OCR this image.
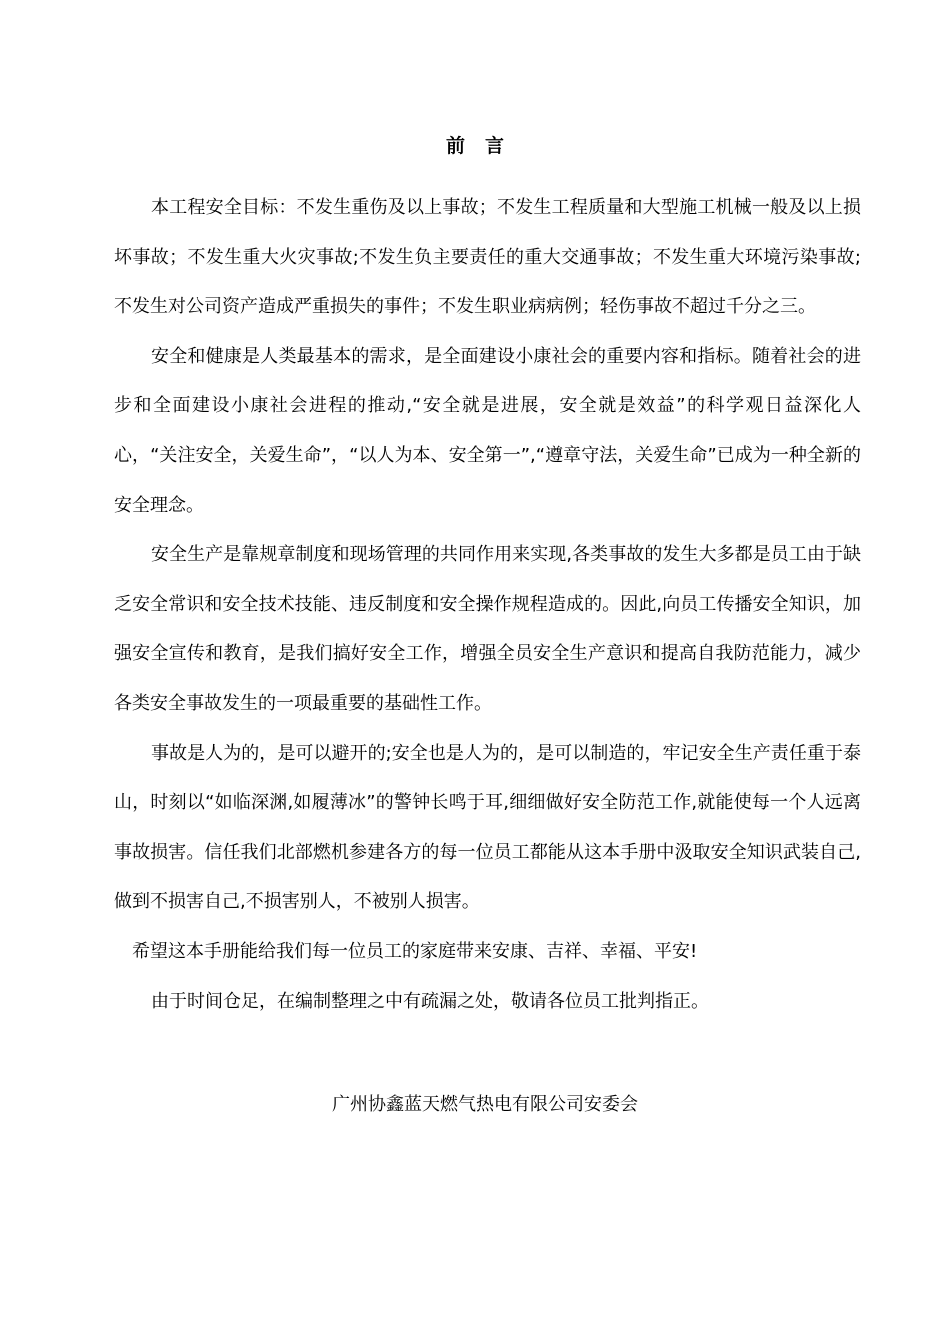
前言

本工程安全目标：不发生重伤及以上事故；不发生工程质量和大型施工机械一般及以上损坏事故；不发生重大火灾事故;不发生负主要责任的重大交通事故；不发生重大环境污染事故;不发生对公司资产造成严重损失的事件；不发生职业病病例；轻伤事故不超过千分之三。

安全和健康是人类最基本的需求，是全面建设小康社会的重要内容和指标。随着社会的进步和全面建设小康社会进程的推动,“安全就是进展，安全就是效益”的科学观日益深化人心，“关注安全，关爱生命”，“以人为本、安全第一”,“遵章守法，关爱生命”已成为一种全新的安全理念。

安全生产是靠规章制度和现场管理的共同作用来实现,各类事故的发生大多都是员工由于缺乏安全常识和安全技术技能、违反制度和安全操作规程造成的。因此,向员工传播安全知识，加强安全宣传和教育，是我们搞好安全工作，增强全员安全生产意识和提高自我防范能力，减少各类安全事故发生的一项最重要的基础性工作。

事故是人为的，是可以避开的;安全也是人为的，是可以制造的，牢记安全生产责任重于泰山，时刻以“如临深渊,如履薄冰”的警钟长鸣于耳,细细做好安全防范工作,就能使每一个人远离事故损害。信任我们北部燃机参建各方的每一位员工都能从这本手册中汲取安全知识武装自己,做到不损害自己,不损害别人，不被别人损害。

希望这本手册能给我们每一位员工的家庭带来安康、吉祥、幸福、平安!

由于时间仓足，在编制整理之中有疏漏之处，敬请各位员工批判指正。

广州协鑫蓝天燃气热电有限公司安委会
